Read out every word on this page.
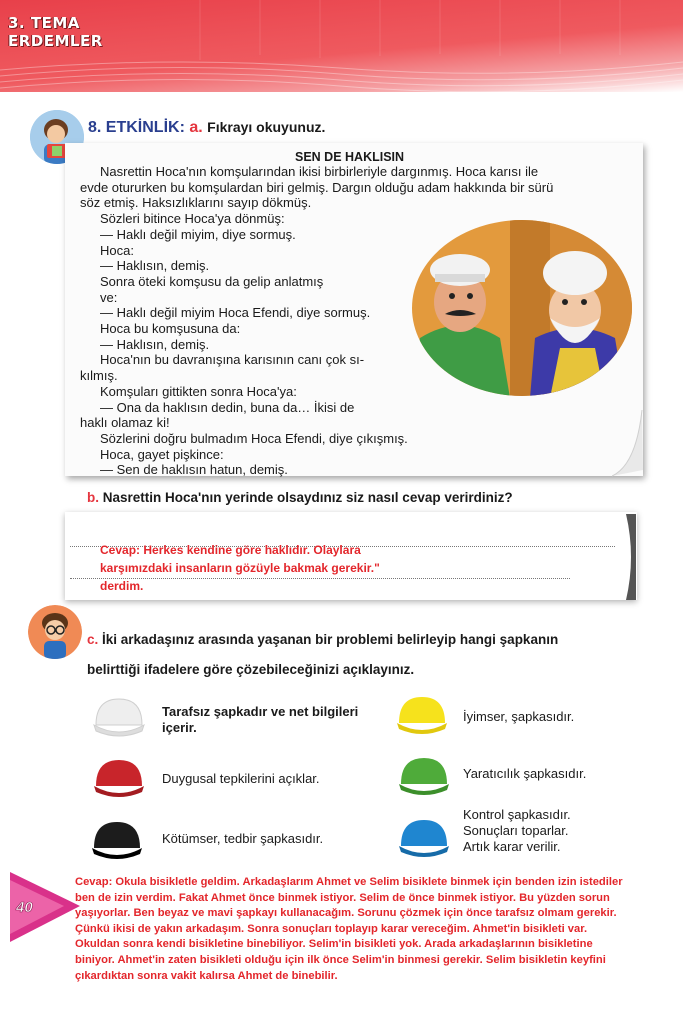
3. TEMA
ERDEMLER
8. ETKİNLİK: a. Fıkrayı okuyunuz.
SEN DE HAKLISIN

Nasrettin Hoca'nın komşularından ikisi birbirleriyle dargınmış. Hoca karısı ile

evde otururken bu komşulardan biri gelmiş. Dargın olduğu adam hakkında bir sürü

söz etmiş. Haksızlıklarını sayıp dökmüş.

Sözleri bitince Hoca'ya dönmüş:

— Haklı değil miyim, diye sormuş.

Hoca:

— Haklısın, demiş.

Sonra öteki komşusu da gelip anlatmış

ve:

— Haklı değil miyim Hoca Efendi, diye sormuş.

Hoca bu komşusuna da:

— Haklısın, demiş.

Hoca'nın bu davranışına karısının canı çok sı-

kılmış.

Komşuları gittikten sonra Hoca'ya:

— Ona da haklısın dedin, buna da… İkisi de

haklı olamaz ki!

Sözlerini doğru bulmadım Hoca Efendi, diye çıkışmış.

Hoca, gayet pişkince:

— Sen de haklısın hatun, demiş.

b. Nasrettin Hoca'nın yerinde olsaydınız siz nasıl cevap verirdiniz?
Cevap: Herkes kendine göre haklıdır. Olaylara
karşımızdaki insanların gözüyle bakmak gerekir."
derdim.
c. İki arkadaşınız arasında yaşanan bir problemi belirleyip hangi şapkanın
belirttiği ifadelere göre çözebileceğinizi açıklayınız.
Tarafsız şapkadır ve net bilgileri
içerir.
İyimser, şapkasıdır.
Duygusal tepkilerini açıklar.	Yaratıcılık şapkasıdır.
Kötümser, tedbir şapkasıdır.
Kontrol şapkasıdır.
Sonuçları toparlar.
Artık karar verilir.
40

Cevap: Okula bisikletle geldim. Arkadaşlarım Ahmet ve Selim bisiklete binmek için benden izin istediler

ben de izin verdim. Fakat Ahmet önce binmek istiyor. Selim de önce binmek istiyor. Bu yüzden sorun

yaşıyorlar. Ben beyaz ve mavi şapkayı kullanacağım. Sorunu çözmek için önce tarafsız olmam gerekir.

Çünkü ikisi de yakın arkadaşım. Sonra sonuçları toplayıp karar vereceğim. Ahmet'in bisikleti var.

Okuldan sonra kendi bisikletine binebiliyor. Selim'in bisikleti yok. Arada arkadaşlarının bisikletine

biniyor. Ahmet'in zaten bisikleti olduğu için ilk önce Selim'in binmesi gerekir. Selim bisikletin keyfini

çıkardıktan sonra vakit kalırsa Ahmet de binebilir.
